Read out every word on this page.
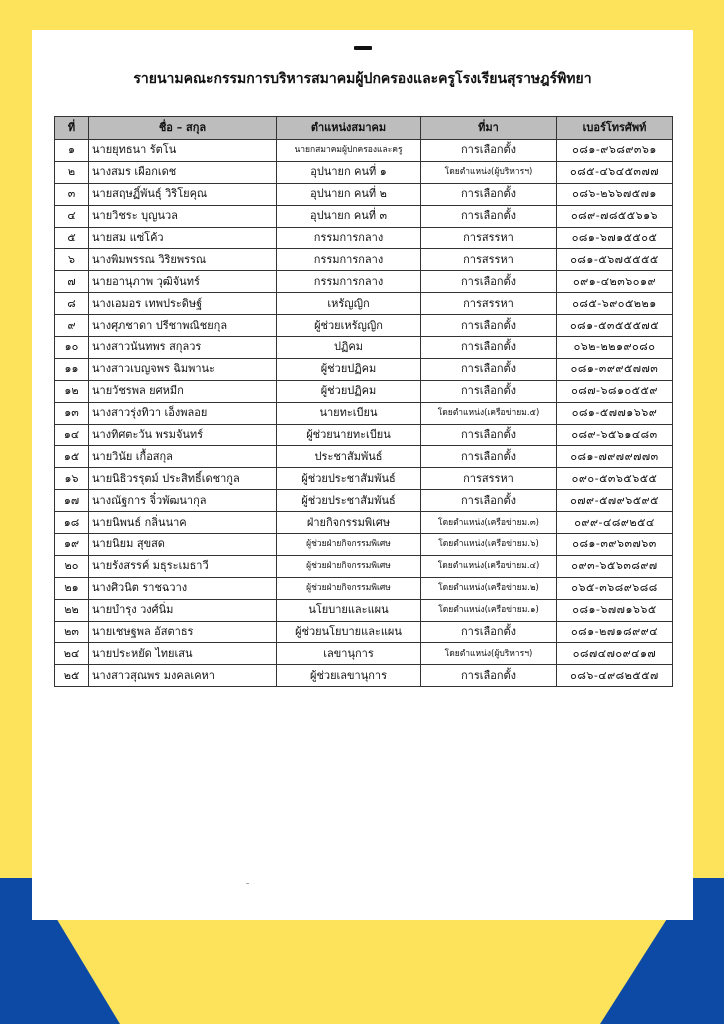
รายนามคณะกรรมการบริหารสมาคมผู้ปกครองและครูโรงเรียนสุราษฎร์พิทยา
ที่	ชื่อ – สกุล	ตำแหน่งสมาคม	ที่มา	เบอร์โทรศัพท์
๑	นายยุทธนา รัตโน	นายกสมาคมผู้ปกครองและครู	การเลือกตั้ง	๐๘๑-๙๖๘๙๓๖๑
๒	นางสมร เผือกเดช	อุปนายก คนที่ ๑	โดยตำแหน่ง(ผู้บริหารฯ)	๐๘๕-๔๖๔๕๓๗๗
๓	นายสฤษฏิ์พันธุ์ วิริโยคุณ	อุปนายก คนที่ ๒	การเลือกตั้ง	๐๘๖-๒๖๖๗๕๗๑
๔	นายวิชระ บุญนวล	อุปนายก คนที่ ๓	การเลือกตั้ง	๐๘๙-๗๘๕๕๖๑๖
๕	นายสม แซ่โค้ว	กรรมการกลาง	การสรรหา	๐๘๑-๖๗๑๕๕๐๕
๖	นางพิมพรรณ วิริยพรรณ	กรรมการกลาง	การสรรหา	๐๘๑-๕๖๗๕๕๕๕
๗	นายอานุภาพ วุฒิจันทร์	กรรมการกลาง	การเลือกตั้ง	๐๙๑-๔๒๓๖๐๑๙
๘	นางเอมอร เทพประดิษฐ์	เหรัญญิก	การสรรหา	๐๘๕-๖๙๐๕๒๒๑
๙	นางศุภชาดา ปรีชาพณิชยกุล	ผู้ช่วยเหรัญญิก	การเลือกตั้ง	๐๘๑-๕๓๕๕๕๗๕
๑๐	นางสาวนันทพร สกุลวร	ปฏิคม	การเลือกตั้ง	๐๖๒-๒๒๑๙๐๘๐
๑๑	นางสาวเบญจพร ฉิมพานะ	ผู้ช่วยปฏิคม	การเลือกตั้ง	๐๘๑-๓๙๙๕๗๗๓
๑๒	นายวัชรพล ยศหมีก	ผู้ช่วยปฏิคม	การเลือกตั้ง	๐๘๗-๖๘๑๐๕๕๙
๑๓	นางสาวรุ่งทิวา เอ็งพลอย	นายทะเบียน	โดยตำแหน่ง(เครือข่ายม.๕)	๐๘๑-๕๗๗๑๖๖๙
๑๔	นางทิศตะวัน พรมจันทร์	ผู้ช่วยนายทะเบียน	การเลือกตั้ง	๐๘๙-๖๕๖๑๔๘๓
๑๕	นายวินัย เกื้อสกุล	ประชาสัมพันธ์	การเลือกตั้ง	๐๘๑-๗๙๗๙๗๗๓
๑๖	นายนิธิวรรุตม์ ประสิทธิ์เดชากูล	ผู้ช่วยประชาสัมพันธ์	การสรรหา	๐๙๐-๕๓๖๕๖๕๕
๑๗	นางณัฐการ จิ๋วพัฒนากุล	ผู้ช่วยประชาสัมพันธ์	การเลือกตั้ง	๐๗๙-๕๗๙๖๕๙๕
๑๘	นายนิพนธ์ กลิ่นนาค	ฝ่ายกิจกรรมพิเศษ	โดยตำแหน่ง(เครือข่ายม.๓)	๐๙๙-๔๘๙๒๕๔
๑๙	นายนิยม สุขสด	ผู้ช่วยฝ่ายกิจกรรมพิเศษ	โดยตำแหน่ง(เครือข่ายม.๖)	๐๘๑-๓๙๖๓๗๖๓
๒๐	นายรังสรรค์ มธุระเมธาวี	ผู้ช่วยฝ่ายกิจกรรมพิเศษ	โดยตำแหน่ง(เครือข่ายม.๔)	๐๙๓-๖๕๖๓๘๙๗
๒๑	นางศิวนิต ราชฉวาง	ผู้ช่วยฝ่ายกิจกรรมพิเศษ	โดยตำแหน่ง(เครือข่ายม.๒)	๐๖๕-๓๖๘๙๖๘๘
๒๒	นายบำรุง วงศ์นิ่ม	นโยบายและแผน	โดยตำแหน่ง(เครือข่ายม.๑)	๐๘๑-๖๗๗๑๖๖๕
๒๓	นายเชษฐพล อัสตาธร	ผู้ช่วยนโยบายและแผน	การเลือกตั้ง	๐๘๑-๒๗๑๘๙๙๔
๒๔	นายประหยัด ไทยเสน	เลขานุการ	โดยตำแหน่ง(ผู้บริหารฯ)	๐๘๗๔๗๐๙๔๑๗
๒๕	นางสาวสุณพร มงคลเคหา	ผู้ช่วยเลขานุการ	การเลือกตั้ง	๐๘๖-๔๙๘๒๕๕๗
